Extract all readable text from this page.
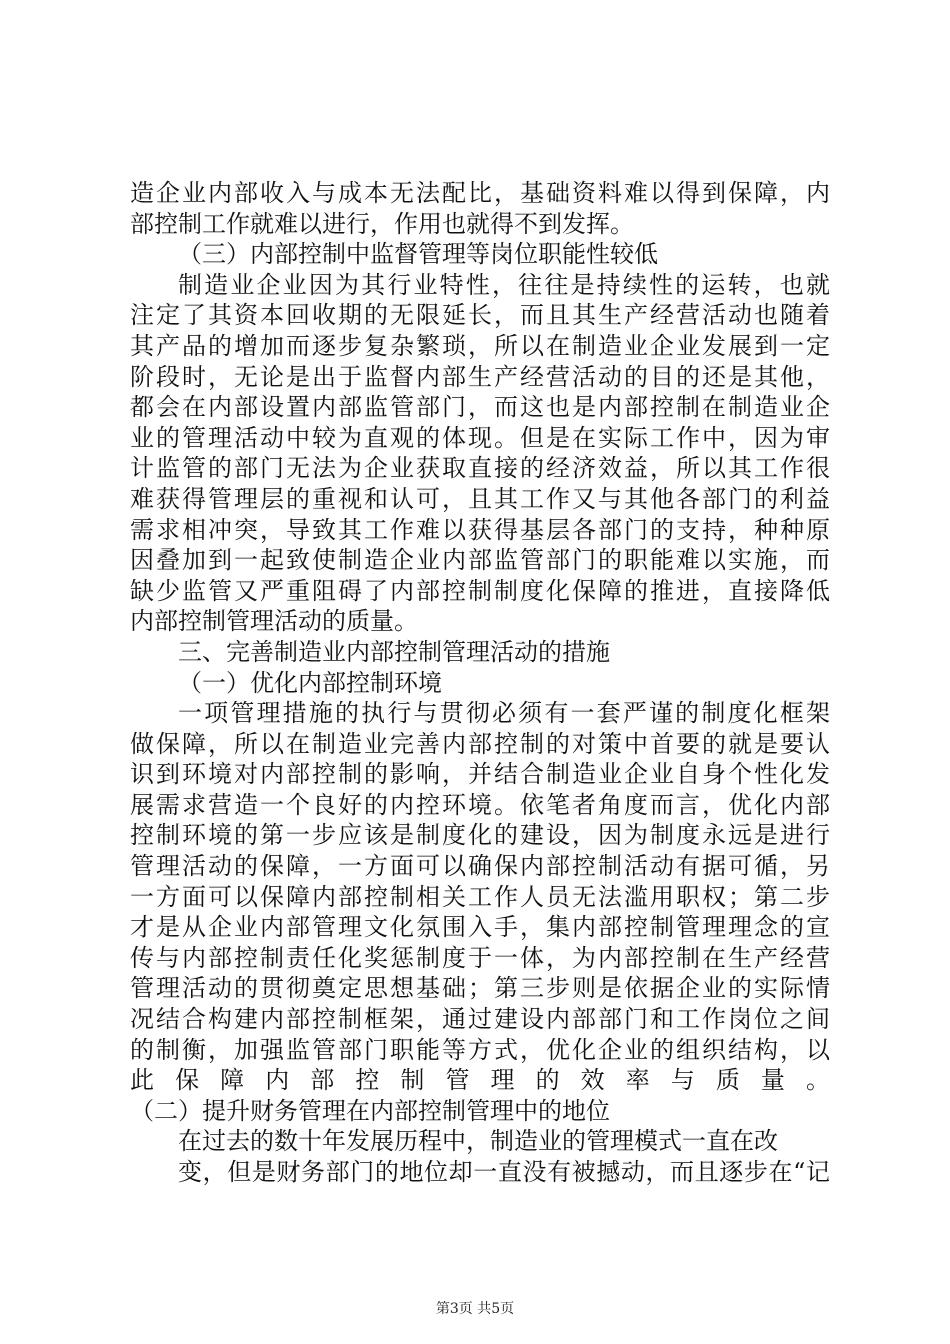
造企业内部收入与成本无法配比，基础资料难以得到保障，内
部控制工作就难以进行，作用也就得不到发挥。
（三）内部控制中监督管理等岗位职能性较低
制造业企业因为其行业特性，往往是持续性的运转，也就
注定了其资本回收期的无限延长，而且其生产经营活动也随着
其产品的增加而逐步复杂繁琐，所以在制造业企业发展到一定
阶段时，无论是出于监督内部生产经营活动的目的还是其他，
都会在内部设置内部监管部门，而这也是内部控制在制造业企
业的管理活动中较为直观的体现。但是在实际工作中，因为审
计监管的部门无法为企业获取直接的经济效益，所以其工作很
难获得管理层的重视和认可，且其工作又与其他各部门的利益
需求相冲突，导致其工作难以获得基层各部门的支持，种种原
因叠加到一起致使制造企业内部监管部门的职能难以实施，而
缺少监管又严重阻碍了内部控制制度化保障的推进，直接降低
内部控制管理活动的质量。
三、完善制造业内部控制管理活动的措施
（一）优化内部控制环境
一项管理措施的执行与贯彻必须有一套严谨的制度化框架
做保障，所以在制造业完善内部控制的对策中首要的就是要认
识到环境对内部控制的影响，并结合制造业企业自身个性化发
展需求营造一个良好的内控环境。依笔者角度而言，优化内部
控制环境的第一步应该是制度化的建设，因为制度永远是进行
管理活动的保障，一方面可以确保内部控制活动有据可循，另
一方面可以保障内部控制相关工作人员无法滥用职权；第二步
才是从企业内部管理文化氛围入手，集内部控制管理理念的宣
传与内部控制责任化奖惩制度于一体，为内部控制在生产经营
管理活动的贯彻奠定思想基础；第三步则是依据企业的实际情
况结合构建内部控制框架，通过建设内部部门和工作岗位之间
的制衡，加强监管部门职能等方式，优化企业的组织结构，以
此保障内部控制管理的效率与质量。
（二）提升财务管理在内部控制管理中的地位
在过去的数十年发展历程中，制造业的管理模式一直在改
变，但是财务部门的地位却一直没有被撼动，而且逐步在“记
第3页 共5页
